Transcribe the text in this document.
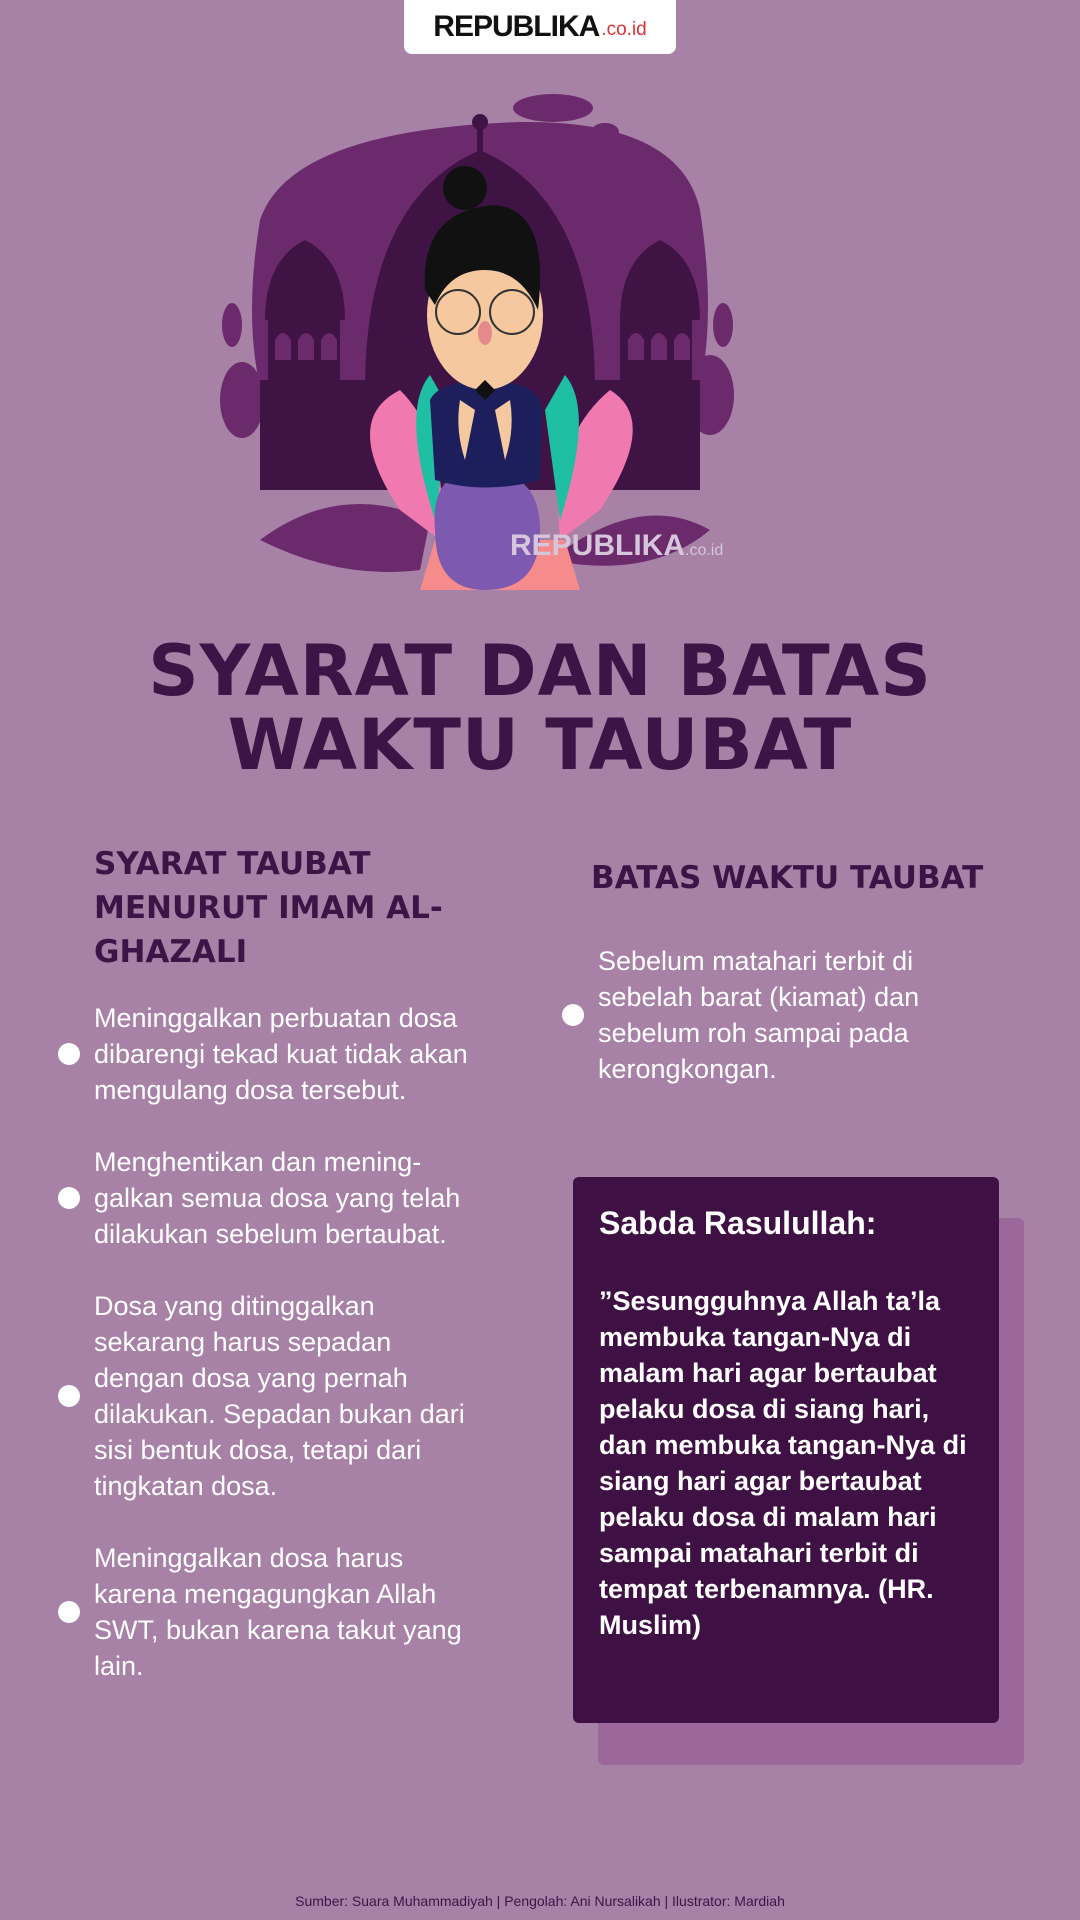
REPUBLIKA .co.id
REPUBLIKA.co.id
SYARAT DAN BATAS
WAKTU TAUBAT
SYARAT TAUBAT MENURUT IMAM AL-GHAZALI
Meninggalkan perbuatan dosa dibarengi tekad kuat tidak akan mengulang dosa tersebut.
Menghentikan dan mening-galkan semua dosa yang telah dilakukan sebelum bertaubat.
Dosa yang ditinggalkan sekarang harus sepadan dengan dosa yang pernah dilakukan. Sepadan bukan dari sisi bentuk dosa, tetapi dari tingkatan dosa.
Meninggalkan dosa harus karena mengagungkan Allah SWT, bukan karena takut yang lain.
BATAS WAKTU TAUBAT
Sebelum matahari terbit di sebelah barat (kiamat) dan sebelum roh sampai pada kerongkongan.
Sabda Rasulullah:
”Sesungguhnya Allah ta’la membuka tangan-Nya di malam hari agar bertaubat pelaku dosa di siang hari, dan membuka tangan-Nya di siang hari agar bertaubat pelaku dosa di malam hari sampai matahari terbit di tempat terbenamnya. (HR. Muslim)
Sumber: Suara Muhammadiyah | Pengolah: Ani Nursalikah | Ilustrator: Mardiah
